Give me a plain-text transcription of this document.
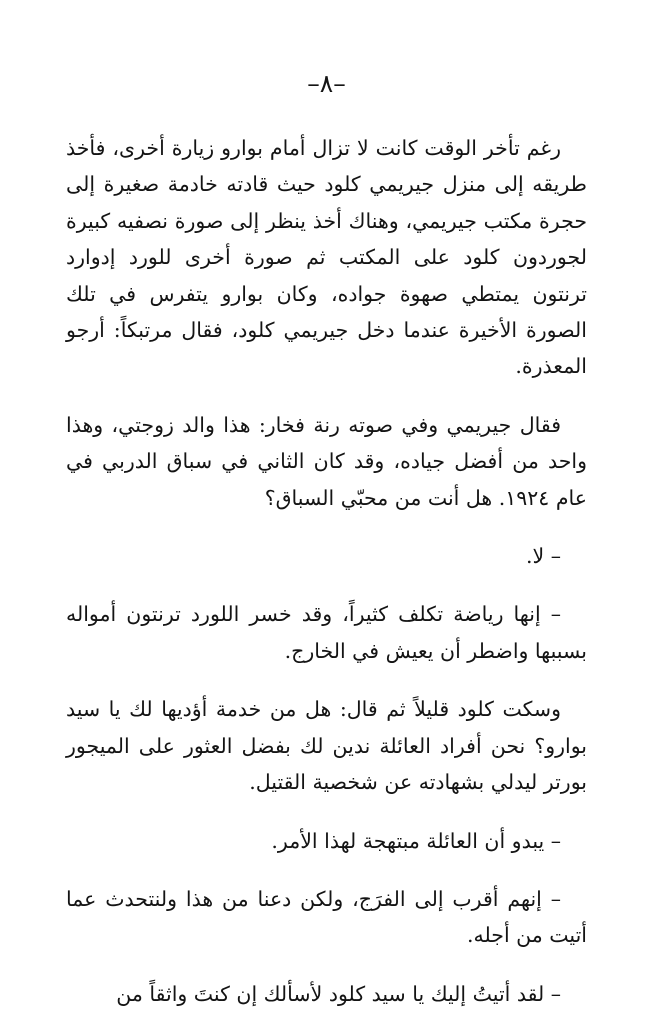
–٨–

رغم تأخر الوقت كانت لا تزال أمام بوارو زيارة أخرى، فأخذ طريقه إلى منزل جيريمي كلود حيث قادته خادمة صغيرة إلى حجرة مكتب جيريمي، وهناك أخذ ينظر إلى صورة نصفيه كبيرة لجوردون كلود على المكتب ثم صورة أخرى للورد إدوارد ترنتون يمتطي صهوة جواده، وكان بوارو يتفرس في تلك الصورة الأخيرة عندما دخل جيريمي كلود، فقال مرتبكاً: أرجو المعذرة.

فقال جيريمي وفي صوته رنة فخار: هذا والد زوجتي، وهذا واحد من أفضل جياده، وقد كان الثاني في سباق الدربي في عام ١٩٢٤. هل أنت من محبّي السباق؟

– لا.

– إنها رياضة تكلف كثيراً، وقد خسر اللورد ترنتون أمواله بسببها واضطر أن يعيش في الخارج.

وسكت كلود قليلاً ثم قال: هل من خدمة أؤديها لك يا سيد بوارو؟ نحن أفراد العائلة ندين لك بفضل العثور على الميجور بورتر ليدلي بشهادته عن شخصية القتيل.

– يبدو أن العائلة مبتهجة لهذا الأمر.

– إنهم أقرب إلى الفرَج، ولكن دعنا من هذا ولنتحدث عما أتيت من أجله.

– لقد أتيتُ إليك يا سيد كلود لأسألك إن كنتَ واثقاً من
